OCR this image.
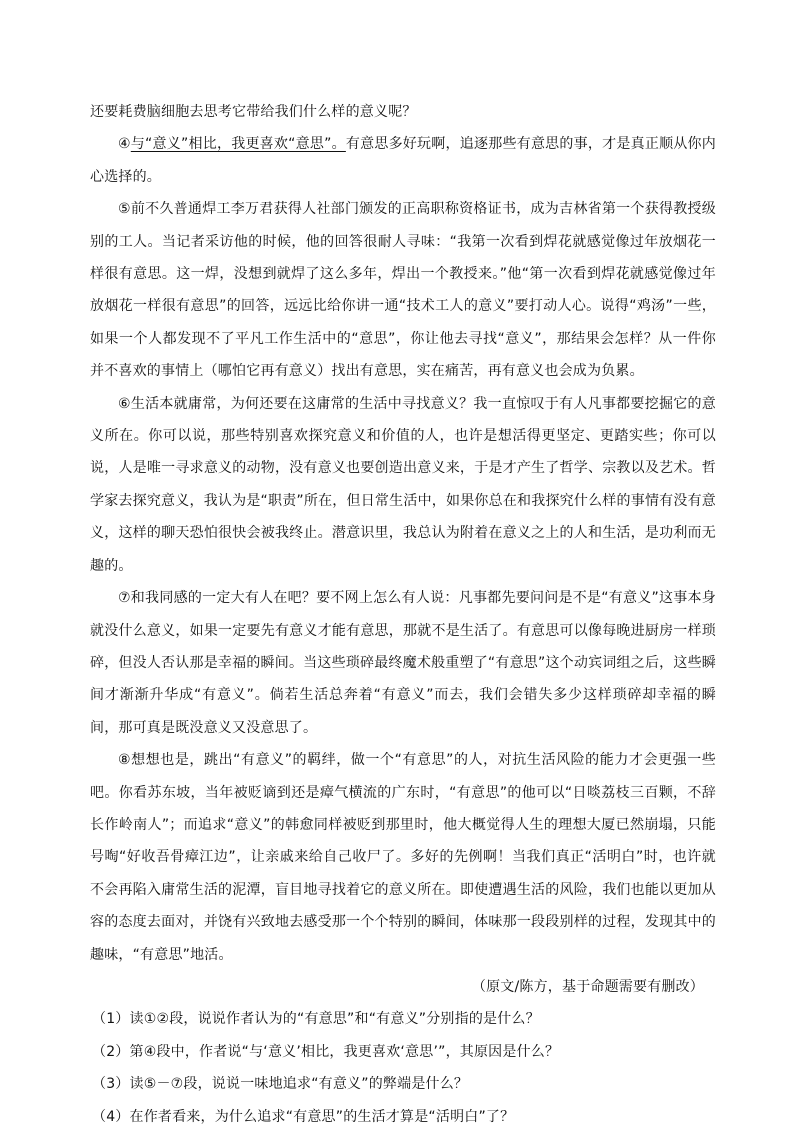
还要耗费脑细胞去思考它带给我们什么样的意义呢？

④与“意义”相比，我更喜欢“意思”。有意思多好玩啊，追逐那些有意思的事，才是真正顺从你内心选择的。

⑤前不久普通焊工李万君获得人社部门颁发的正高职称资格证书，成为吉林省第一个获得教授级别的工人。当记者采访他的时候，他的回答很耐人寻味：“我第一次看到焊花就感觉像过年放烟花一样很有意思。这一焊，没想到就焊了这么多年，焊出一个教授来。”他“第一次看到焊花就感觉像过年放烟花一样很有意思”的回答，远远比给你讲一通“技术工人的意义”要打动人心。说得“鸡汤”一些，如果一个人都发现不了平凡工作生活中的“意思”，你让他去寻找“意义”，那结果会怎样？从一件你并不喜欢的事情上（哪怕它再有意义）找出有意思，实在痛苦，再有意义也会成为负累。

⑥生活本就庸常，为何还要在这庸常的生活中寻找意义？我一直惊叹于有人凡事都要挖掘它的意义所在。你可以说，那些特别喜欢探究意义和价值的人，也许是想活得更坚定、更踏实些；你可以说，人是唯一寻求意义的动物，没有意义也要创造出意义来，于是才产生了哲学、宗教以及艺术。哲学家去探究意义，我认为是“职责”所在，但日常生活中，如果你总在和我探究什么样的事情有没有意义，这样的聊天恐怕很快会被我终止。潜意识里，我总认为附着在意义之上的人和生活，是功利而无趣的。

⑦和我同感的一定大有人在吧？要不网上怎么有人说：凡事都先要问问是不是“有意义”这事本身就没什么意义，如果一定要先有意义才能有意思，那就不是生活了。有意思可以像每晚进厨房一样琐碎，但没人否认那是幸福的瞬间。当这些琐碎最终魔术般重塑了“有意思”这个动宾词组之后，这些瞬间才渐渐升华成“有意义”。倘若生活总奔着“有意义”而去，我们会错失多少这样琐碎却幸福的瞬间，那可真是既没意义又没意思了。

⑧想想也是，跳出“有意义”的羁绊，做一个“有意思”的人，对抗生活风险的能力才会更强一些吧。你看苏东坡，当年被贬谪到还是瘴气横流的广东时，“有意思”的他可以“日啖荔枝三百颗，不辞长作岭南人”；而追求“意义”的韩愈同样被贬到那里时，他大概觉得人生的理想大厦已然崩塌，只能号啕“好收吾骨瘴江边”，让亲戚来给自己收尸了。多好的先例啊！当我们真正“活明白”时，也许就不会再陷入庸常生活的泥潭，盲目地寻找着它的意义所在。即使遭遇生活的风险，我们也能以更加从容的态度去面对，并饶有兴致地去感受那一个个特别的瞬间，体味那一段段别样的过程，发现其中的趣味，“有意思”地活。

（原文/陈方，基于命题需要有删改）

（1）读①②段，说说作者认为的“有意思”和“有意义”分别指的是什么？

（2）第④段中，作者说“与‘意义’相比，我更喜欢‘意思’”，其原因是什么？

（3）读⑤－⑦段，说说一味地追求“有意义”的弊端是什么？

（4）在作者看来，为什么追求“有意思”的生活才算是“活明白”了？
